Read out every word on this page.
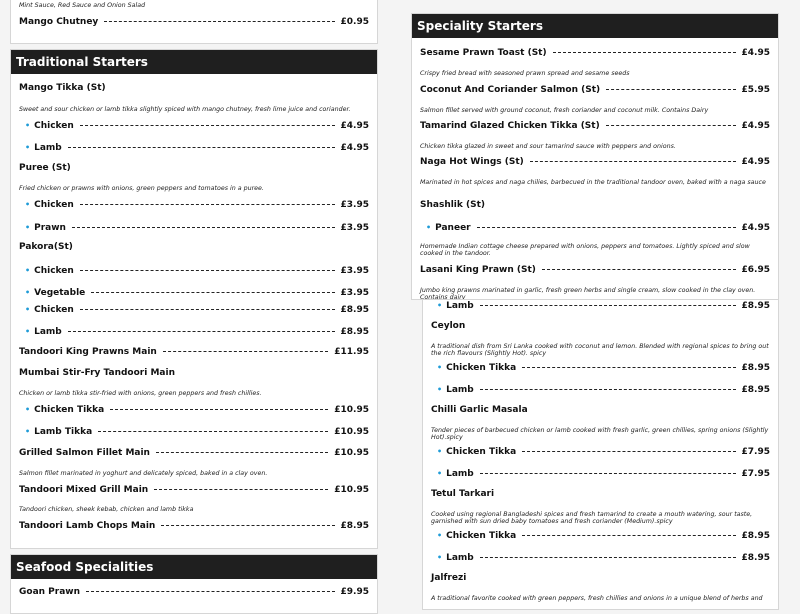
Mint Sauce, Red Sauce and Onion Salad
Mango Chutney	£0.95
Traditional Starters
Mango Tikka (St)
Sweet and sour chicken or lamb tikka slightly spiced with mango chutney, fresh lime juice and coriander.
• Chicken	£4.95
• Lamb	£4.95
Puree (St)
Fried chicken or prawns with onions, green peppers and tomatoes in a puree.
• Chicken	£3.95
• Prawn	£3.95
Pakora(St)
• Chicken	£3.95
• Vegetable	£3.95
• Chicken	£8.95
• Lamb	£8.95
Tandoori King Prawns Main	£11.95
Mumbai Stir-Fry Tandoori Main
Chicken or lamb tikka stir-fried with onions, green peppers and fresh chillies.
• Chicken Tikka	£10.95
• Lamb Tikka	£10.95
Grilled Salmon Fillet Main	£10.95
Salmon fillet marinated in yoghurt and delicately spiced, baked in a clay oven.
Tandoori Mixed Grill Main	£10.95
Tandoori chicken, sheek kebab, chicken and lamb tikka
Tandoori Lamb Chops Main	£8.95
Seafood Specialities
Goan Prawn	£9.95
Speciality Starters
Sesame Prawn Toast (St)	£4.95
Crispy fried bread with seasoned prawn spread and sesame seeds
Coconut And Coriander Salmon (St)	£5.95
Salmon fillet served with ground coconut, fresh coriander and coconut milk. Contains Dairy
Tamarind Glazed Chicken Tikka (St)	£4.95
Chicken tikka glazed in sweet and sour tamarind sauce with peppers and onions.
Naga Hot Wings (St)	£4.95
Marinated in hot spices and naga chilies, barbecued in the traditional tandoor oven, baked with a naga sauce
Shashlik (St)
• Paneer	£4.95
Homemade Indian cottage cheese prepared with onions, peppers and tomatoes. Lightly spiced and slow cooked in the tandoor.
Lasani King Prawn (St)	£6.95
Jumbo king prawns marinated in garlic, fresh green herbs and single cream, slow cooked in the clay oven. Contains dairy
• Lamb	£8.95
Ceylon
A traditional dish from Sri Lanka cooked with coconut and lemon. Blended with regional spices to bring out the rich flavours (Slightly Hot). spicy
• Chicken Tikka	£8.95
• Lamb	£8.95
Chilli Garlic Masala
Tender pieces of barbecued chicken or lamb cooked with fresh garlic, green chillies, spring onions (Slightly Hot).spicy
• Chicken Tikka	£7.95
• Lamb	£7.95
Tetul Tarkari
Cooked using regional Bangladeshi spices and fresh tamarind to create a mouth watering, sour taste, garnished with sun dried baby tomatoes and fresh coriander (Medium).spicy
• Chicken Tikka	£8.95
• Lamb	£8.95
Jalfrezi
A traditional favorite cooked with green peppers, fresh chillies and onions in a unique blend of herbs and
